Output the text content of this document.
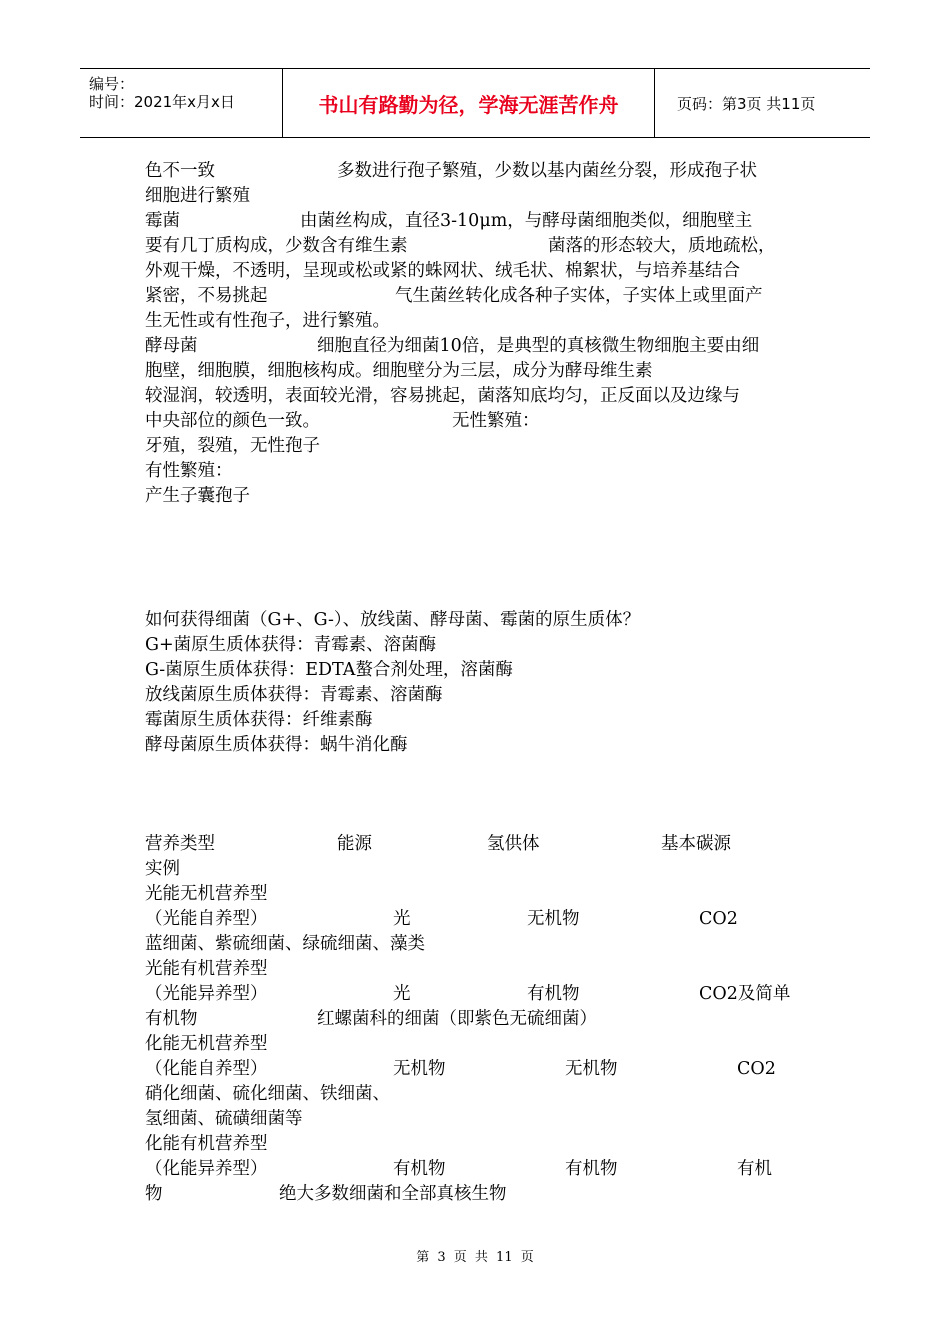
编号：
时间：2021年x月x日	书山有路勤为径，学海无涯苦作舟	页码：第3页 共11页
色不一致	多数进行孢子繁殖，少数以基内菌丝分裂，形成孢子状
细胞进行繁殖
霉菌	由菌丝构成，直径3-10μm，与酵母菌细胞类似，细胞壁主
要有几丁质构成，少数含有维生素	菌落的形态较大，质地疏松，
外观干燥，不透明，呈现或松或紧的蛛网状、绒毛状、棉絮状，与培养基结合
紧密，不易挑起	气生菌丝转化成各种子实体，子实体上或里面产
生无性或有性孢子，进行繁殖。
酵母菌	细胞直径为细菌10倍，是典型的真核微生物细胞主要由细
胞壁，细胞膜，细胞核构成。细胞壁分为三层，成分为酵母维生素
较湿润，较透明，表面较光滑，容易挑起，菌落知底均匀，正反面以及边缘与
中央部位的颜色一致。	无性繁殖：
牙殖，裂殖，无性孢子
有性繁殖：
产生子囊孢子
如何获得细菌（G+、G-）、放线菌、酵母菌、霉菌的原生质体？
G+菌原生质体获得：青霉素、溶菌酶
G-菌原生质体获得：EDTA螯合剂处理，溶菌酶
放线菌原生质体获得：青霉素、溶菌酶
霉菌原生质体获得：纤维素酶
酵母菌原生质体获得：蜗牛消化酶
营养类型	能源	氢供体	基本碳源
实例
光能无机营养型
（光能自养型）	光	无机物	CO2
蓝细菌、紫硫细菌、绿硫细菌、藻类
光能有机营养型
（光能异养型）	光	有机物	CO2及简单
有机物	红螺菌科的细菌（即紫色无硫细菌）
化能无机营养型
（化能自养型）	无机物	无机物	CO2
硝化细菌、硫化细菌、铁细菌、
氢细菌、硫磺细菌等
化能有机营养型
（化能异养型）	有机物	有机物	有机
物	绝大多数细菌和全部真核生物
第 3 页 共 11 页
